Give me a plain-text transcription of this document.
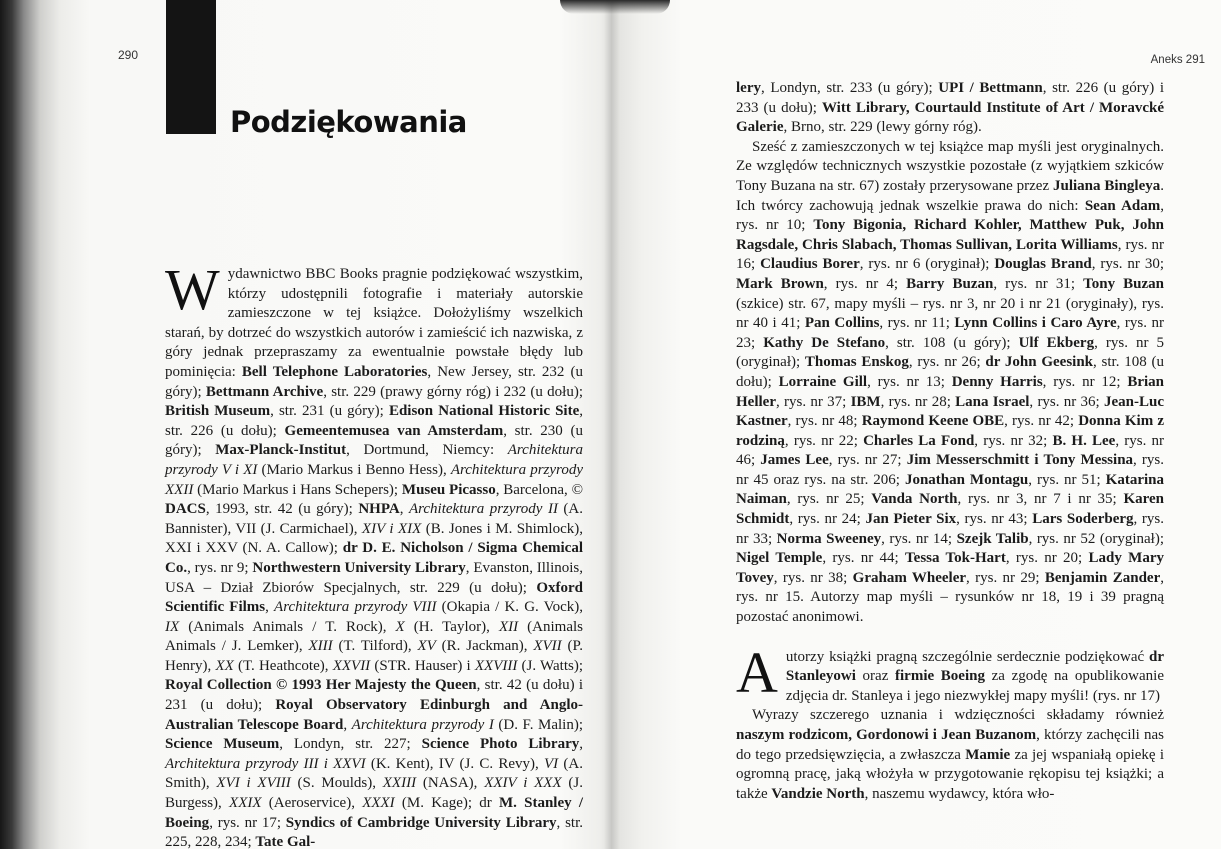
290
Podziękowania

Wydawnictwo BBC Books pragnie podziękować wszystkim, którzy udostępnili fotografie i materiały autorskie zamieszczone w tej książce. Dołożyliśmy wszelkich starań, by dotrzeć do wszystkich autorów i zamieścić ich nazwiska, z góry jednak przepraszamy za ewentualnie powstałe błędy lub pominięcia: Bell Telephone Laboratories, New Jersey, str. 232 (u góry); Bettmann Archive, str. 229 (prawy górny róg) i 232 (u dołu); British Museum, str. 231 (u góry); Edison National Historic Site, str. 226 (u dołu); Gemeentemusea van Amsterdam, str. 230 (u góry); Max-Planck-Institut, Dortmund, Niemcy: Architektura przyrody V i XI (Mario Markus i Benno Hess), Architektura przyrody XXII (Mario Markus i Hans Schepers); Museu Picasso, Barcelona, © DACS, 1993, str. 42 (u góry); NHPA, Architektura przyrody II (A. Bannister), VII (J. Carmichael), XIV i XIX (B. Jones i M. Shimlock), XXI i XXV (N. A. Callow); dr D. E. Nicholson / Sigma Chemical Co., rys. nr 9; Northwestern University Library, Evanston, Illinois, USA – Dział Zbiorów Specjalnych, str. 229 (u dołu); Oxford Scientific Films, Architektura przyrody VIII (Okapia / K. G. Vock), IX (Animals Animals / T. Rock), X (H. Taylor), XII (Animals Animals / J. Lemker), XIII (T. Tilford), XV (R. Jackman), XVII (P. Henry), XX (T. Heathcote), XXVII (STR. Hauser) i XXVIII (J. Watts); Royal Collection © 1993 Her Majesty the Queen, str. 42 (u dołu) i 231 (u dołu); Royal Observatory Edinburgh and Anglo-Australian Telescope Board, Architektura przyrody I (D. F. Malin); Science Museum, Londyn, str. 227; Science Photo Library, Architektura przyrody III i XXVI (K. Kent), IV (J. C. Revy), VI (A. Smith), XVI i XVIII (S. Moulds), XXIII (NASA), XXIV i XXX (J. Burgess), XXIX (Aeroservice), XXXI (M. Kage); dr M. Stanley / Boeing, rys. nr 17; Syndics of Cambridge University Library, str. 225, 228, 234; Tate Gal-

Aneks 291

lery, Londyn, str. 233 (u góry); UPI / Bettmann, str. 226 (u góry) i 233 (u dołu); Witt Library, Courtauld Institute of Art / Moravcké Galerie, Brno, str. 229 (lewy górny róg).

Sześć z zamieszczonych w tej książce map myśli jest oryginalnych. Ze względów technicznych wszystkie pozostałe (z wyjątkiem szkiców Tony Buzana na str. 67) zostały przerysowane przez Juliana Bingleya. Ich twórcy zachowują jednak wszelkie prawa do nich: Sean Adam, rys. nr 10; Tony Bigonia, Richard Kohler, Matthew Puk, John Ragsdale, Chris Slabach, Thomas Sullivan, Lorita Williams, rys. nr 16; Claudius Borer, rys. nr 6 (oryginał); Douglas Brand, rys. nr 30; Mark Brown, rys. nr 4; Barry Buzan, rys. nr 31; Tony Buzan (szkice) str. 67, mapy myśli – rys. nr 3, nr 20 i nr 21 (oryginały), rys. nr 40 i 41; Pan Collins, rys. nr 11; Lynn Collins i Caro Ayre, rys. nr 23; Kathy De Stefano, str. 108 (u góry); Ulf Ekberg, rys. nr 5 (oryginał); Thomas Enskog, rys. nr 26; dr John Geesink, str. 108 (u dołu); Lorraine Gill, rys. nr 13; Denny Harris, rys. nr 12; Brian Heller, rys. nr 37; IBM, rys. nr 28; Lana Israel, rys. nr 36; Jean-Luc Kastner, rys. nr 48; Raymond Keene OBE, rys. nr 42; Donna Kim z rodziną, rys. nr 22; Charles La Fond, rys. nr 32; B. H. Lee, rys. nr 46; James Lee, rys. nr 27; Jim Messerschmitt i Tony Messina, rys. nr 45 oraz rys. na str. 206; Jonathan Montagu, rys. nr 51; Katarina Naiman, rys. nr 25; Vanda North, rys. nr 3, nr 7 i nr 35; Karen Schmidt, rys. nr 24; Jan Pieter Six, rys. nr 43; Lars Soderberg, rys. nr 33; Norma Sweeney, rys. nr 14; Szejk Talib, rys. nr 52 (oryginał); Nigel Temple, rys. nr 44; Tessa Tok-Hart, rys. nr 20; Lady Mary Tovey, rys. nr 38; Graham Wheeler, rys. nr 29; Benjamin Zander, rys. nr 15. Autorzy map myśli – rysunków nr 18, 19 i 39 pragną pozostać anonimowi.

Autorzy książki pragną szczególnie serdecznie podziękować dr Stanleyowi oraz firmie Boeing za zgodę na opublikowanie zdjęcia dr. Stanleya i jego niezwykłej mapy myśli! (rys. nr 17)

Wyrazy szczerego uznania i wdzięczności składamy również naszym rodzicom, Gordonowi i Jean Buzanom, którzy zachęcili nas do tego przedsięwzięcia, a zwłaszcza Mamie za jej wspaniałą opiekę i ogromną pracę, jaką włożyła w przygotowanie rękopisu tej książki; a także Vandzie North, naszemu wydawcy, która wło-
